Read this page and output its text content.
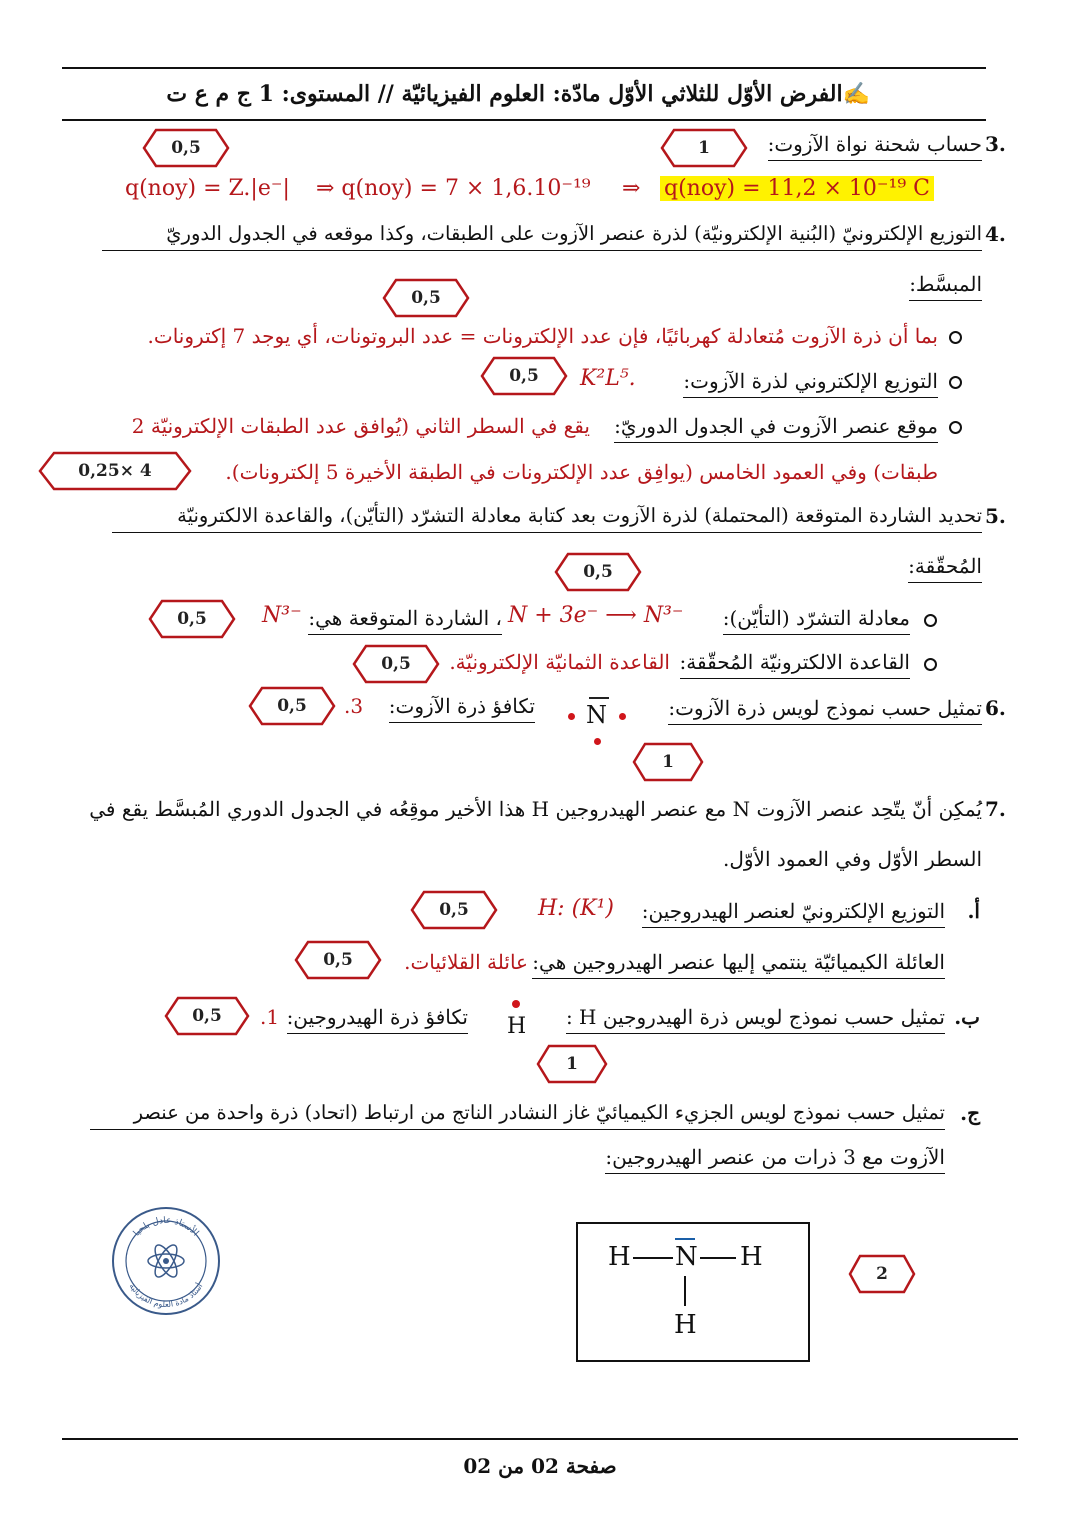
✍الفرض الأوّل للثلاثي الأوّل مادّة: العلوم الفيزيائيّة // المستوى: 1 ج م ع ت
.3
حساب شحنة نواة الآزوت:
1
0,5
q(noy) = Z.|e⁻| ⇒ q(noy) = 7 × 1,6.10⁻¹⁹ ⇒ q(noy) = 11,2 × 10⁻¹⁹ C
.4
التوزيع الإلكترونيّ (البُنية الإلكترونيّة) لذرة عنصر الآزوت على الطبقات، وكذا موقعه في الجدول الدوريّ
المبسَّط:
0,5
بما أن ذرة الآزوت مُتعادلة كهربائيًا، فإن عدد الإلكترونات = عدد البروتونات، أي يوجد 7 إكترونات.
التوزيع الإلكتروني لذرة الآزوت:
K²L⁵.
0,5
موقع عنصر الآزوت في الجدول الدوريّ:
يقع في السطر الثاني (يُوافق عدد الطبقات الإلكترونيّة 2
طبقات) وفي العمود الخامس (يوافِق عدد الإلكترونات في الطبقة الأخيرة 5 إلكترونات).
0,25× 4
.5
تحديد الشاردة المتوقعة (المحتملة) لذرة الآزوت بعد كتابة معادلة التشرّد (التأيّن)، والقاعدة الالكترونيّة
المُحقّقة:
0,5
معادلة التشرّد (التأيّن):
N + 3e⁻ ⟶ N³⁻
، الشاردة المتوقعة هي:
N³⁻
0,5
القاعدة الالكترونيّة المُحقّقة:
القاعدة الثمانيّة الإلكترونيّة.
0,5
.6
تمثيل حسب نموذج لويس ذرة الآزوت:
N
تكافؤ ذرة الآزوت:
3.
0,5
1
.7
يُمكِن أنّ يتّحِد عنصر الآزوت N مع عنصر الهيدروجين H هذا الأخير موقِعُه في الجدول الدوري المُبسَّط يقع في
السطر الأوّل وفي العمود الأوّل.
أ.
التوزيع الإلكترونيّ لعنصر الهيدروجين:
H: (K¹)
0,5
العائلة الكيميائيّة ينتمي إليها عنصر الهيدروجين هي:
عائلة القلائيات.
0,5
ب.
تمثيل حسب نموذج لويس ذرة الهيدروجين H :
H
تكافؤ ذرة الهيدروجين:
1.
0,5
1
ج.
تمثيل حسب نموذج لويس الجزيء الكيميائيّ غاز النشادر الناتج من ارتباط (اتحاد) ذرة واحدة من عنصر
الآزوت مع 3 ذرات من عنصر الهيدروجين:
H N H
H
2
الأستاذ عادل بلحيا
أستاذ مادة العلوم الفيزيائية
صفحة 02 من 02
